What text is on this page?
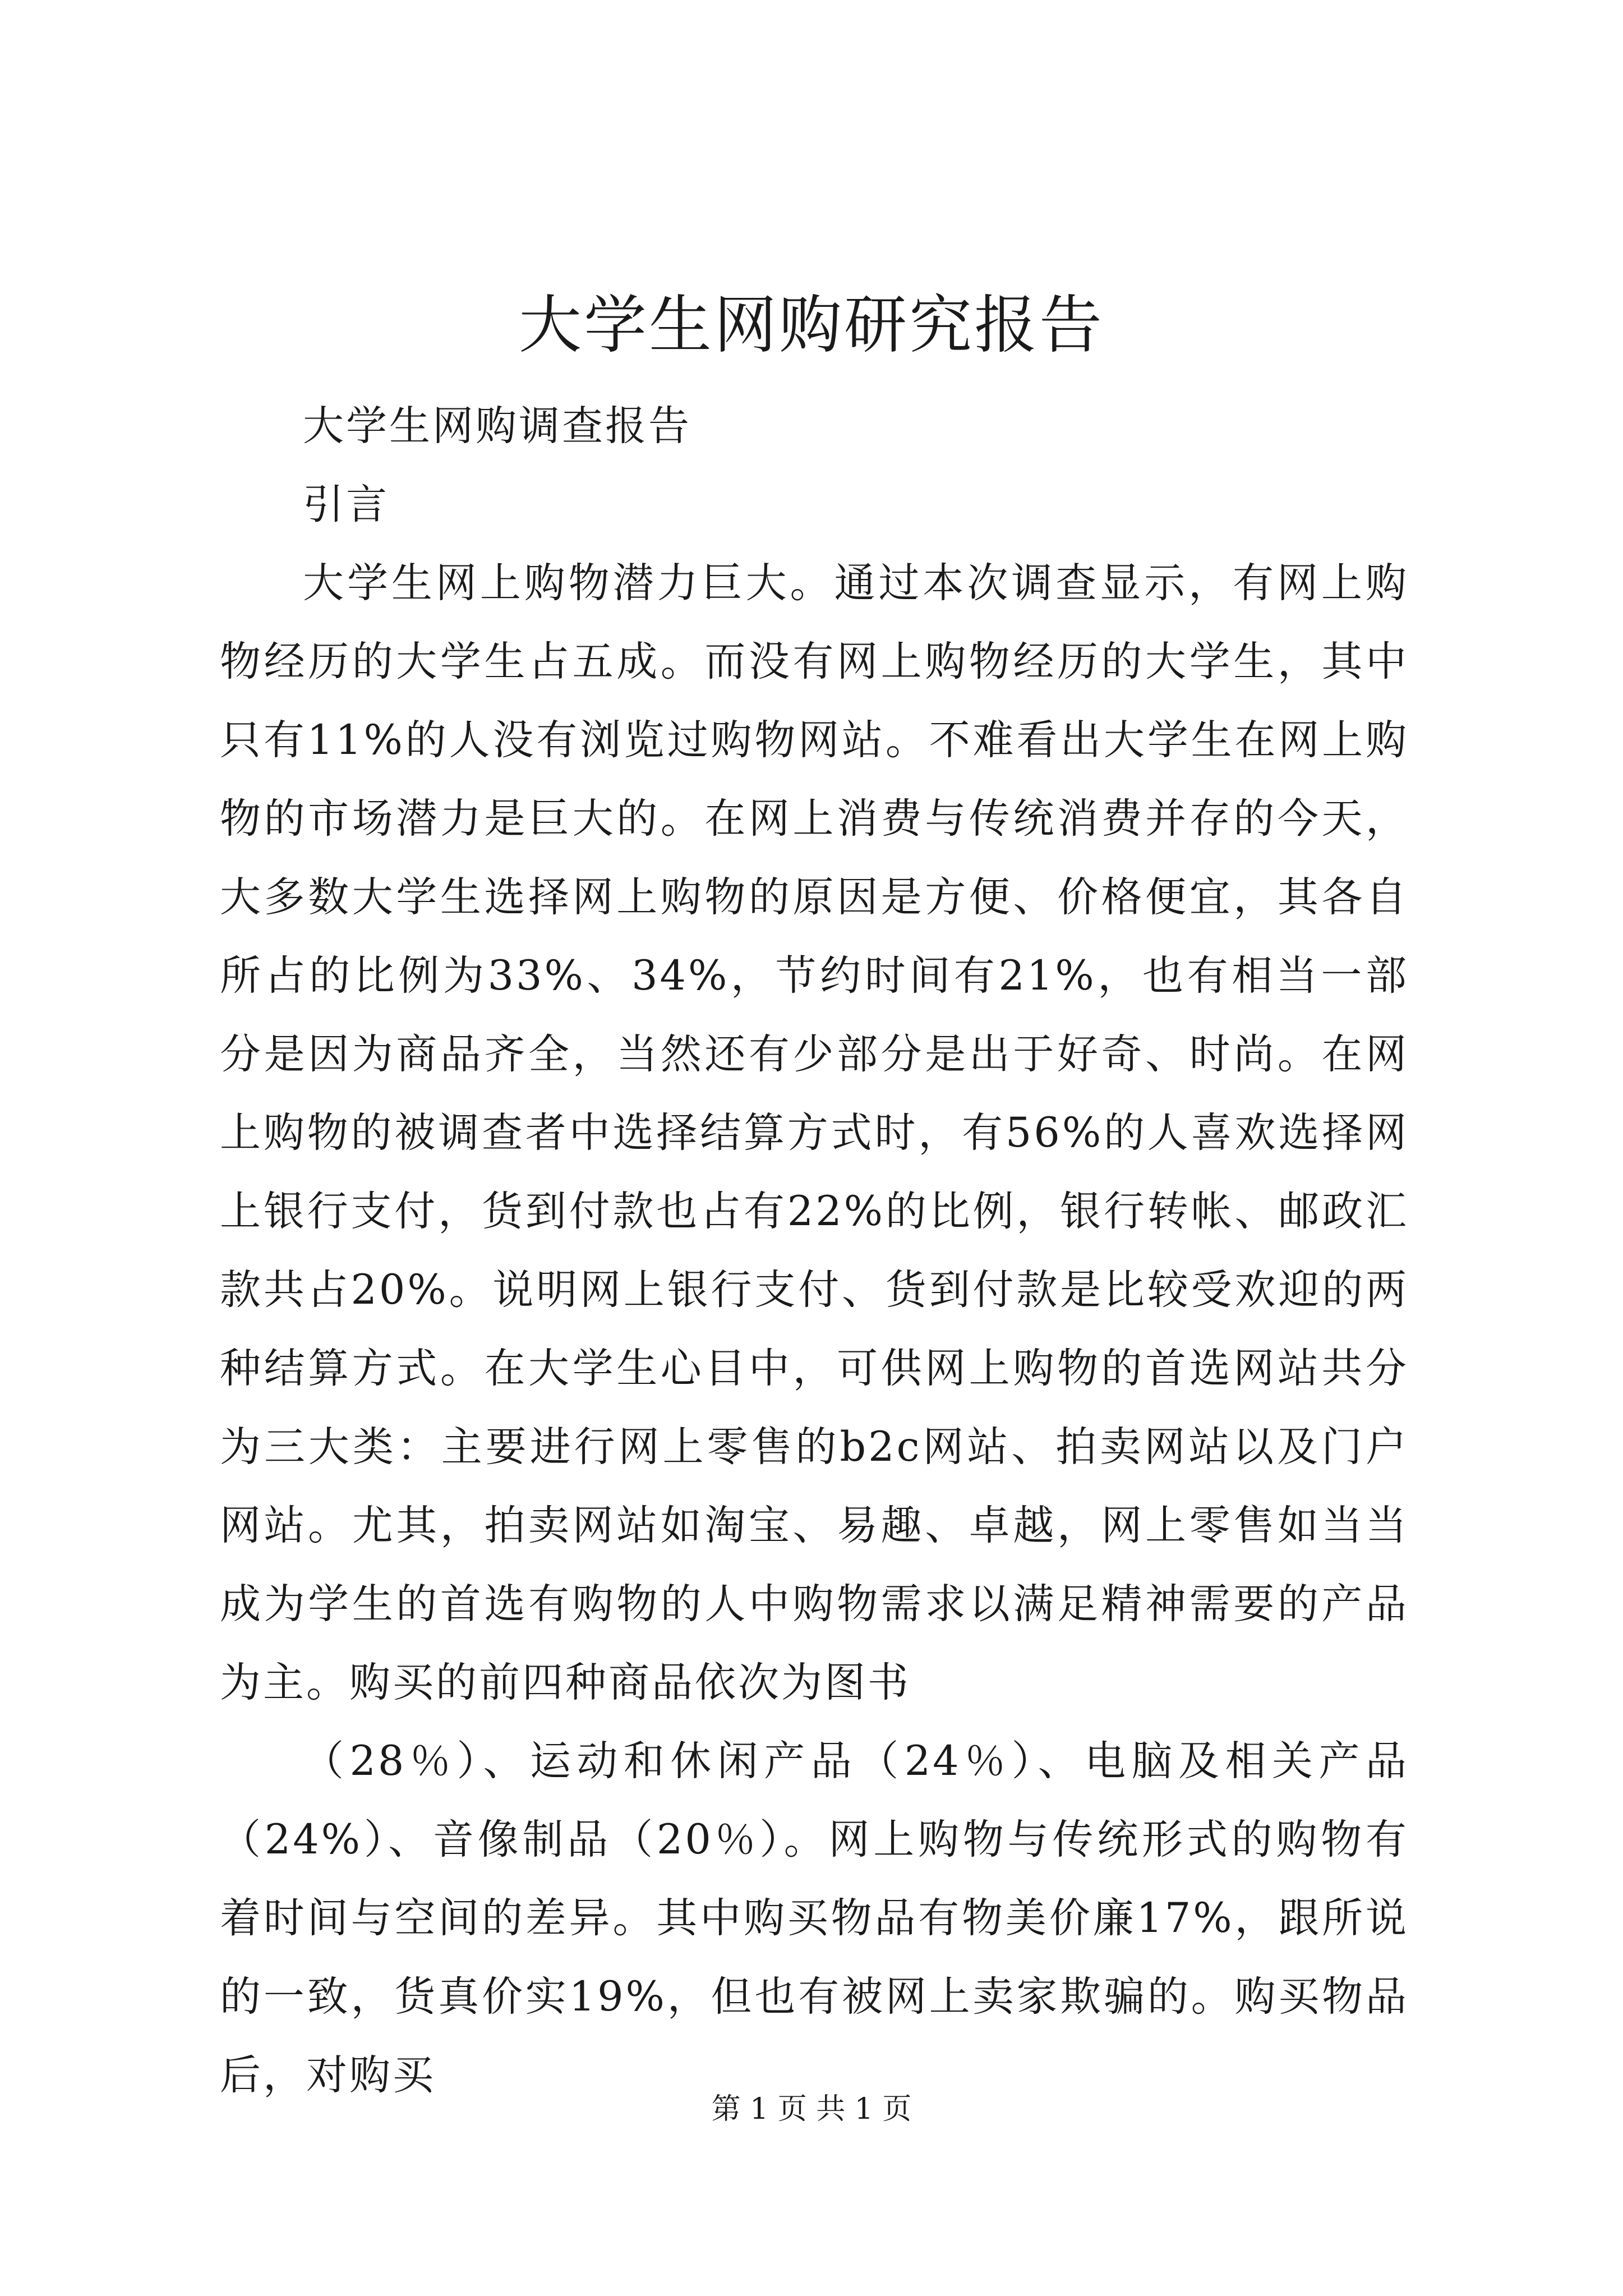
大学生网购研究报告

大学生网购调查报告

引言

大学生网上购物潜力巨大。通过本次调查显示，有网上购物经历的大学生占五成。而没有网上购物经历的大学生，其中只有11%的人没有浏览过购物网站。不难看出大学生在网上购物的市场潜力是巨大的。在网上消费与传统消费并存的今天，大多数大学生选择网上购物的原因是方便、价格便宜，其各自所占的比例为33%、34%，节约时间有21%，也有相当一部分是因为商品齐全，当然还有少部分是出于好奇、时尚。在网上购物的被调查者中选择结算方式时，有56%的人喜欢选择网上银行支付，货到付款也占有22%的比例，银行转帐、邮政汇款共占20%。说明网上银行支付、货到付款是比较受欢迎的两种结算方式。在大学生心目中，可供网上购物的首选网站共分为三大类：主要进行网上零售的b2c网站、拍卖网站以及门户网站。尤其，拍卖网站如淘宝、易趣、卓越，网上零售如当当成为学生的首选有购物的人中购物需求以满足精神需要的产品为主。购买的前四种商品依次为图书

（28％）、运动和休闲产品（24％）、电脑及相关产品（24%）、音像制品（20％）。网上购物与传统形式的购物有着时间与空间的差异。其中购买物品有物美价廉17%，跟所说的一致，货真价实19%，但也有被网上卖家欺骗的。购买物品后，对购买

第 1 页 共 1 页
